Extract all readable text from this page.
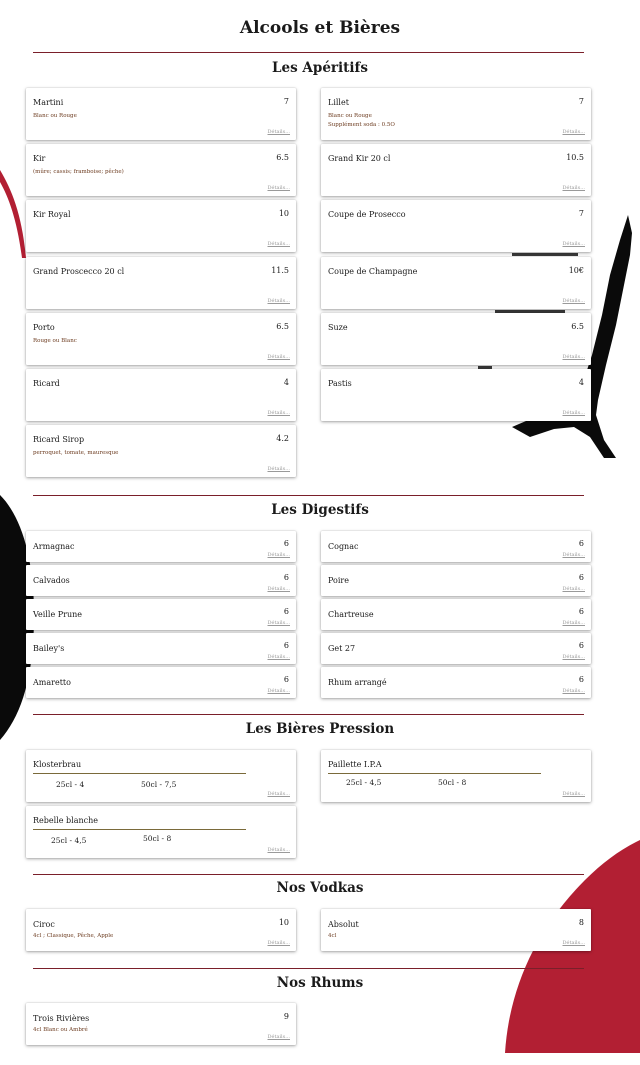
Alcools et Bières
Les Apéritifs
Martini
Blanc ou Rouge
7
Détails...
Lillet
Blanc ou Rouge
Supplément soda : 0.5O
7
Détails...
Kir
(mûre; cassis; framboise; pêche)
6.5
Détails...
Grand Kir 20 cl	10.5
Détails...
Kir Royal	10
Détails...
Coupe de Prosecco	7
Détails...
Grand Proscecco 20 cl	11.5
Détails...
Coupe de Champagne	10€
Détails...
Porto
Rouge ou Blanc
6.5
Détails...
Suze	6.5
Détails...
Ricard	4
Détails...
Pastis	4
Détails...
Ricard Sirop
perroquet, tomate, mauresque
4.2
Détails...
Les Digestifs
Armagnac	6
Détails...
Cognac	6
Détails...
Calvados	6
Détails...
Poire	6
Détails...
Veille Prune	6
Détails...
Chartreuse	6
Détails...
Bailey's	6
Détails...
Get 27	6
Détails...
Amaretto	6
Détails...
Rhum arrangé	6
Détails...
Les Bières Pression
Klosterbrau
25cl - 4	50cl - 7,5
Détails...
Paillette I.P.A
25cl - 4,5	50cl - 8
Détails...
Rebelle blanche
25cl - 4,5	50cl - 8
Détails...
Nos Vodkas
Ciroc
4cl ; Classique, Pêche, Apple
10
Détails...
Absolut
4cl
8
Détails...
Nos Rhums
Trois Rivières
4cl Blanc ou Ambré
9
Détails...
